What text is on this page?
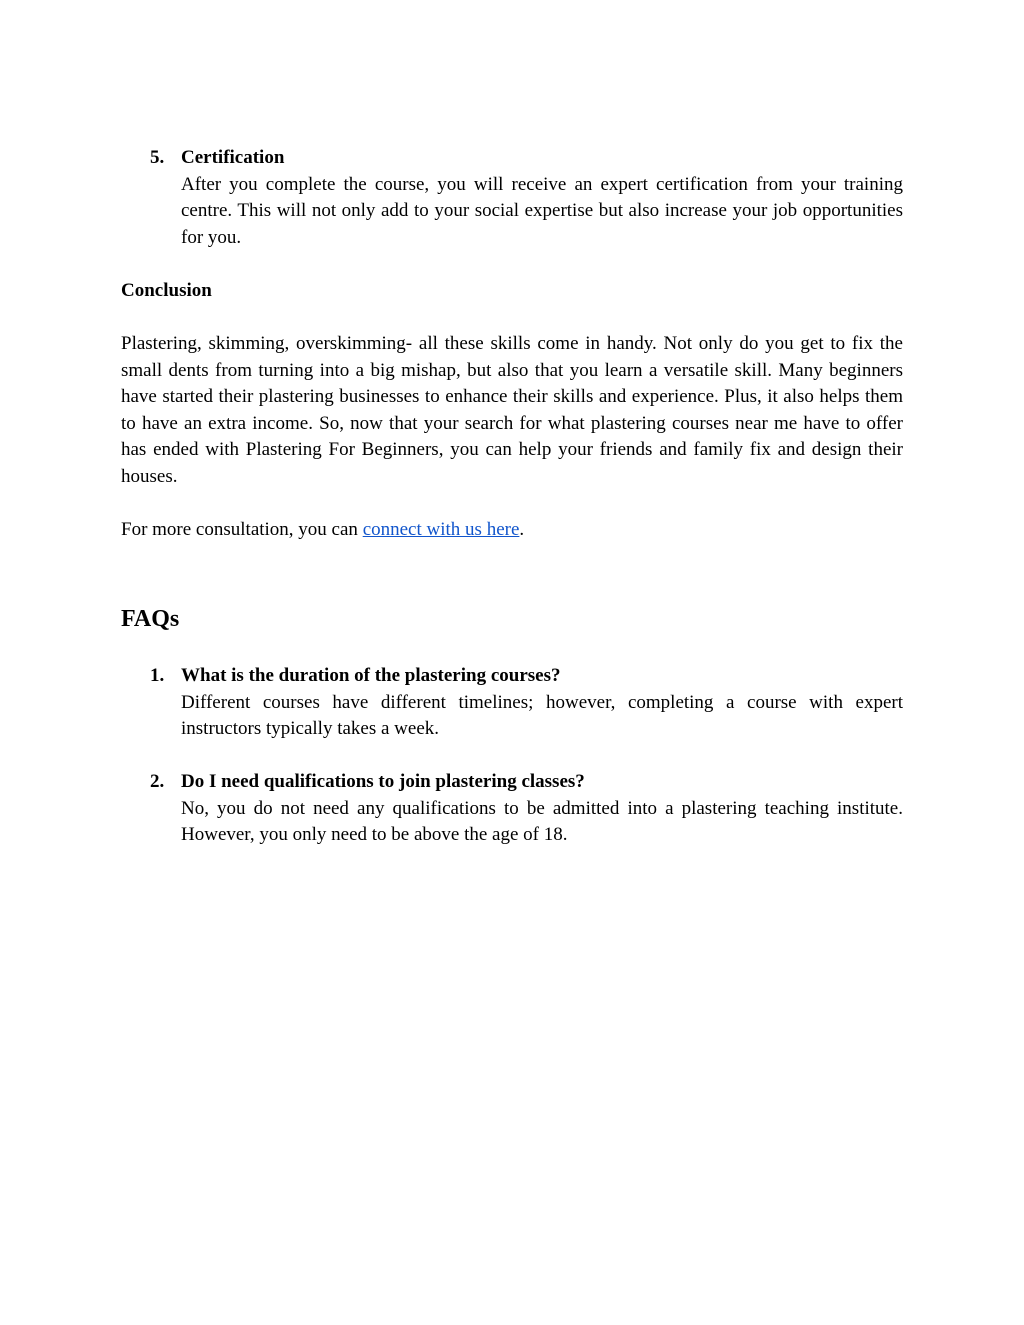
5. Certification
After you complete the course, you will receive an expert certification from your training centre. This will not only add to your social expertise but also increase your job opportunities for you.
Conclusion
Plastering, skimming, overskimming- all these skills come in handy. Not only do you get to fix the small dents from turning into a big mishap, but also that you learn a versatile skill. Many beginners have started their plastering businesses to enhance their skills and experience. Plus, it also helps them to have an extra income. So, now that your search for what plastering courses near me have to offer has ended with Plastering For Beginners, you can help your friends and family fix and design their houses.
For more consultation, you can connect with us here.
FAQs
1. What is the duration of the plastering courses?
Different courses have different timelines; however, completing a course with expert instructors typically takes a week.
2. Do I need qualifications to join plastering classes?
No, you do not need any qualifications to be admitted into a plastering teaching institute. However, you only need to be above the age of 18.
